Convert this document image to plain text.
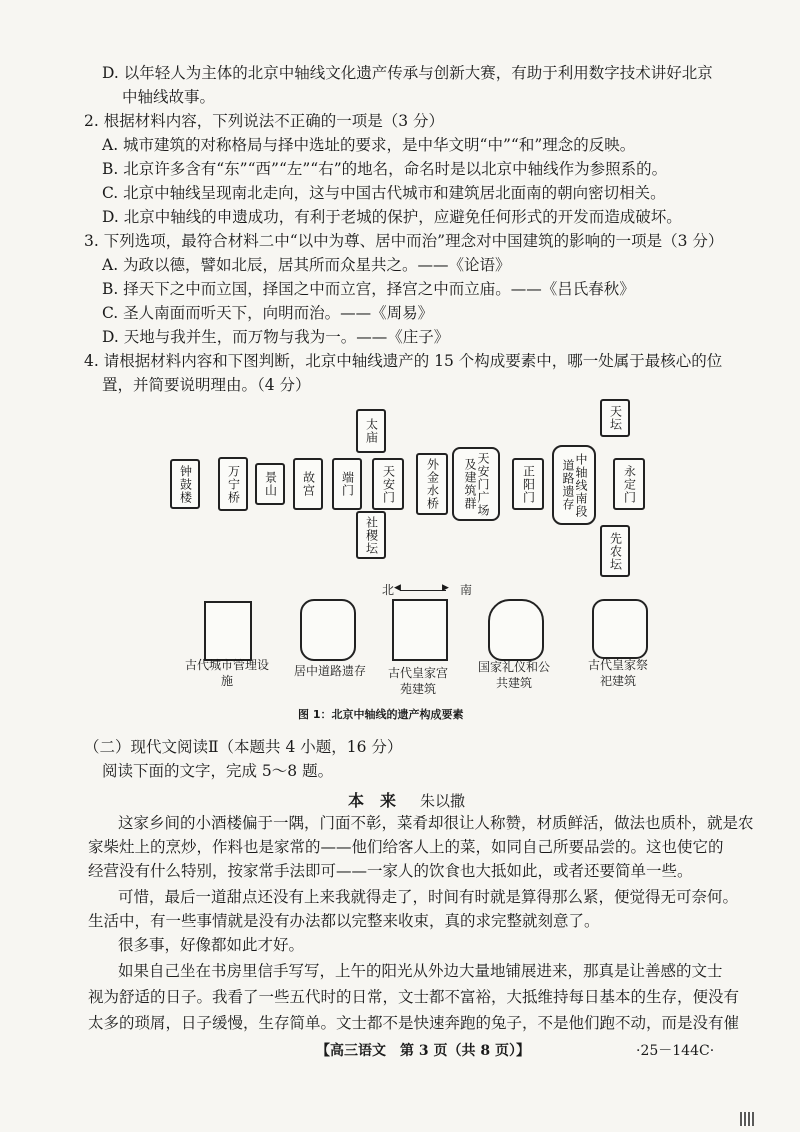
D. 以年轻人为主体的北京中轴线文化遗产传承与创新大赛，有助于利用数字技术讲好北京
中轴线故事。
2. 根据材料内容，下列说法不正确的一项是（3 分）
A. 城市建筑的对称格局与择中选址的要求，是中华文明“中”“和”理念的反映。
B. 北京许多含有“东”“西”“左”“右”的地名，命名时是以北京中轴线作为参照系的。
C. 北京中轴线呈现南北走向，这与中国古代城市和建筑居北面南的朝向密切相关。
D. 北京中轴线的申遗成功，有利于老城的保护，应避免任何形式的开发而造成破坏。
3. 下列选项，最符合材料二中“以中为尊、居中而治”理念对中国建筑的影响的一项是（3 分）
A. 为政以德，譬如北辰，居其所而众星共之。——《论语》
B. 择天下之中而立国，择国之中而立宫，择宫之中而立庙。——《吕氏春秋》
C. 圣人南面而听天下，向明而治。——《周易》
D. 天地与我并生，而万物与我为一。——《庄子》
4. 请根据材料内容和下图判断，北京中轴线遗产的 15 个构成要素中，哪一处属于最核心的位
置，并简要说明理由。（4 分）
钟鼓楼	万宁桥	景山	故宫	端门
太庙
天安门
社稷坛
外金水桥	天安门广场及建筑群	正阳门	中轴线南段道路遗存	永定门
天坛
先农坛
北 ◀	▶ 南
古代城市管理设施
居中道路遗存	古代皇家宫苑建筑
国家礼仪和公共建筑
古代皇家祭祀建筑
图 1：北京中轴线的遗产构成要素
（二）现代文阅读Ⅱ（本题共 4 小题，16 分）
阅读下面的文字，完成 5～8 题。
本　来	朱以撒
这家乡间的小酒楼偏于一隅，门面不彰，菜肴却很让人称赞，材质鲜活，做法也质朴，就是农
家柴灶上的烹炒，作料也是家常的——他们给客人上的菜，如同自己所要品尝的。这也使它的
经营没有什么特别，按家常手法即可——一家人的饮食也大抵如此，或者还要简单一些。
可惜，最后一道甜点还没有上来我就得走了，时间有时就是算得那么紧，便觉得无可奈何。
生活中，有一些事情就是没有办法都以完整来收束，真的求完整就刻意了。
很多事，好像都如此才好。
如果自己坐在书房里信手写写，上午的阳光从外边大量地铺展进来，那真是让善感的文士
视为舒适的日子。我看了一些五代时的日常，文士都不富裕，大抵维持每日基本的生存，便没有
太多的琐屑，日子缓慢，生存简单。文士都不是快速奔跑的兔子，不是他们跑不动，而是没有催
【高三语文　第 3 页（共 8 页）】	·25－144C·
